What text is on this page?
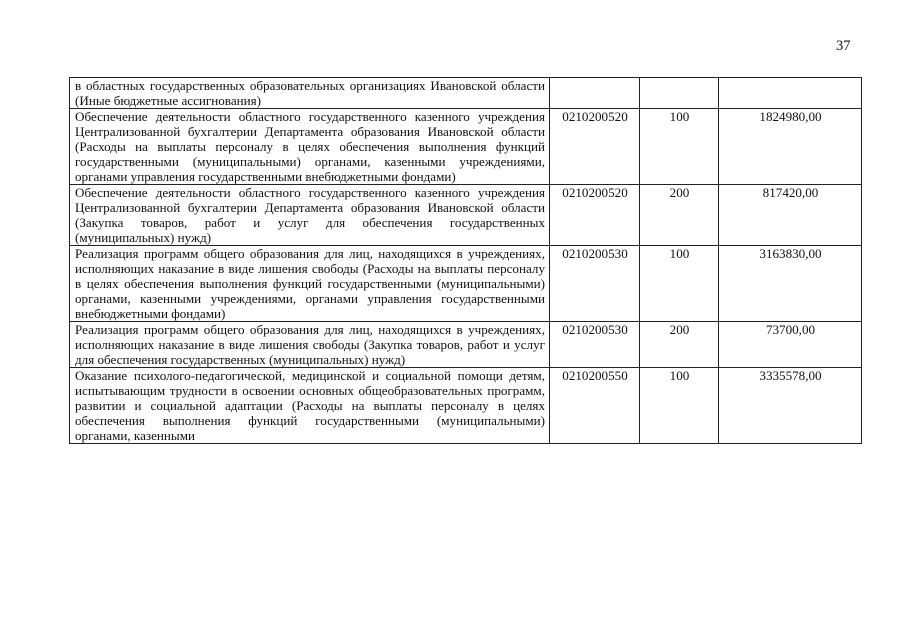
37
в областных государственных образовательных организациях Ивановской области (Иные бюджетные ассигнования)			
Обеспечение деятельности областного государственного казенного учреждения Централизованной бухгалтерии Департамента образования Ивановской области (Расходы на выплаты персоналу в целях обеспечения выполнения функций государственными (муниципальными) органами, казенными учреждениями, органами управления государственными внебюджетными фондами)	0210200520	100	1824980,00
Обеспечение деятельности областного государственного казенного учреждения Централизованной бухгалтерии Департамента образования Ивановской области (Закупка товаров, работ и услуг для обеспечения государственных (муниципальных) нужд)	0210200520	200	817420,00
Реализация программ общего образования для лиц, находящихся в учреждениях, исполняющих наказание в виде лишения свободы (Расходы на выплаты персоналу в целях обеспечения выполнения функций государственными (муниципальными) органами, казенными учреждениями, органами управления государственными внебюджетными фондами)	0210200530	100	3163830,00
Реализация программ общего образования для лиц, находящихся в учреждениях, исполняющих наказание в виде лишения свободы (Закупка товаров, работ и услуг для обеспечения государственных (муниципальных) нужд)	0210200530	200	73700,00
Оказание психолого-педагогической, медицинской и социальной помощи детям, испытывающим трудности в освоении основных общеобразовательных программ, развитии и социальной адаптации (Расходы на выплаты персоналу в целях обеспечения выполнения функций государственными (муниципальными) органами, казенными	0210200550	100	3335578,00
